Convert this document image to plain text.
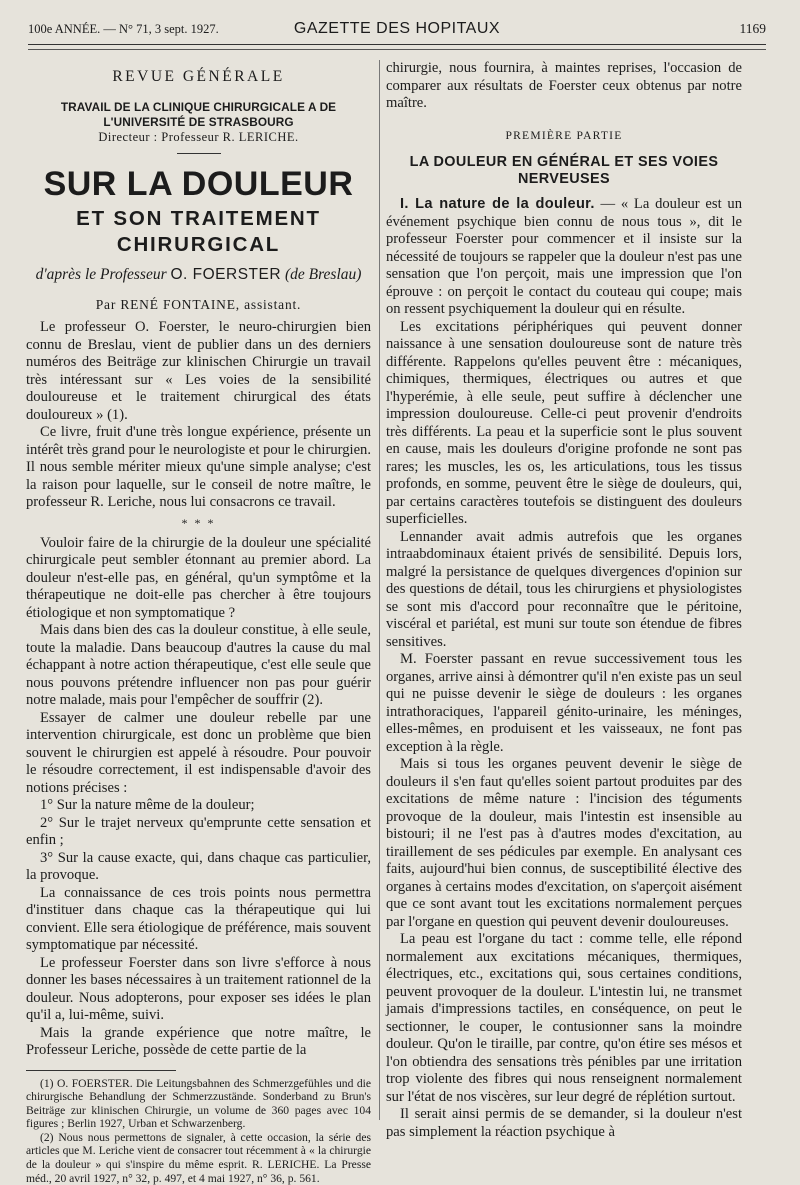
100e ANNÉE. — N° 71, 3 sept. 1927.	GAZETTE DES HOPITAUX	1169
REVUE GÉNÉRALE
TRAVAIL DE LA CLINIQUE CHIRURGICALE A DE L'UNIVERSITÉ DE STRASBOURG
Directeur : Professeur R. LERICHE.
SUR LA DOULEUR
ET SON TRAITEMENT CHIRURGICAL
d'après le Professeur O. FOERSTER (de Breslau)
Par RENÉ FONTAINE, assistant.

Le professeur O. Foerster, le neuro-chirurgien bien connu de Breslau, vient de publier dans un des derniers numéros des Beiträge zur klinischen Chirurgie un travail très intéressant sur « Les voies de la sensibilité douloureuse et le traitement chirurgical des états douloureux » (1).

Ce livre, fruit d'une très longue expérience, présente un intérêt très grand pour le neurologiste et pour le chirurgien. Il nous semble mériter mieux qu'une simple analyse; c'est la raison pour laquelle, sur le conseil de notre maître, le professeur R. Leriche, nous lui consacrons ce travail.

* * *

Vouloir faire de la chirurgie de la douleur une spécialité chirurgicale peut sembler étonnant au premier abord. La douleur n'est-elle pas, en général, qu'un symptôme et la thérapeutique ne doit-elle pas chercher à être toujours étiologique et non symptomatique ?

Mais dans bien des cas la douleur constitue, à elle seule, toute la maladie. Dans beaucoup d'autres la cause du mal échappant à notre action thérapeutique, c'est elle seule que nous pouvons prétendre influencer non pas pour guérir notre malade, mais pour l'empêcher de souffrir (2).

Essayer de calmer une douleur rebelle par une intervention chirurgicale, est donc un problème que bien souvent le chirurgien est appelé à résoudre. Pour pouvoir le résoudre correctement, il est indispensable d'avoir des notions précises :

1° Sur la nature même de la douleur;

2° Sur le trajet nerveux qu'emprunte cette sensation et enfin ;

3° Sur la cause exacte, qui, dans chaque cas particulier, la provoque.

La connaissance de ces trois points nous permettra d'instituer dans chaque cas la thérapeutique qui lui convient. Elle sera étiologique de préférence, mais souvent symptomatique par nécessité.

Le professeur Foerster dans son livre s'efforce à nous donner les bases nécessaires à un traitement rationnel de la douleur. Nous adopterons, pour exposer ses idées le plan qu'il a, lui-même, suivi.

Mais la grande expérience que notre maître, le Professeur Leriche, possède de cette partie de la

(1) O. FOERSTER. Die Leitungsbahnen des Schmerzgefühles und die chirurgische Behandlung der Schmerzzustände. Sonderband zu Brun's Beiträge zur klinischen Chirurgie, un volume de 360 pages avec 104 figures ; Berlin 1927, Urban et Schwarzenberg.

(2) Nous nous permettons de signaler, à cette occasion, la série des articles que M. Leriche vient de consacrer tout récemment à « la chirurgie de la douleur » qui s'inspire du même esprit. R. LERICHE. La Presse méd., 20 avril 1927, n° 32, p. 497, et 4 mai 1927, n° 36, p. 561.

chirurgie, nous fournira, à maintes reprises, l'occasion de comparer aux résultats de Foerster ceux obtenus par notre maître.

PREMIÈRE PARTIE
LA DOULEUR EN GÉNÉRAL ET SES VOIES NERVEUSES

I. La nature de la douleur. — « La douleur est un événement psychique bien connu de nous tous », dit le professeur Foerster pour commencer et il insiste sur la nécessité de toujours se rappeler que la douleur n'est pas une sensation que l'on perçoit, mais une impression que l'on éprouve : on perçoit le contact du couteau qui coupe; mais on ressent psychiquement la douleur qui en résulte.

Les excitations périphériques qui peuvent donner naissance à une sensation douloureuse sont de nature très différente. Rappelons qu'elles peuvent être : mécaniques, chimiques, thermiques, électriques ou autres et que l'hyperémie, à elle seule, peut suffire à déclencher une impression douloureuse. Celle-ci peut provenir d'endroits très différents. La peau et la superficie sont le plus souvent en cause, mais les douleurs d'origine profonde ne sont pas rares; les muscles, les os, les articulations, tous les tissus profonds, en somme, peuvent être le siège de douleurs, qui, par certains caractères toutefois se distinguent des douleurs superficielles.

Lennander avait admis autrefois que les organes intraabdominaux étaient privés de sensibilité. Depuis lors, malgré la persistance de quelques divergences d'opinion sur des questions de détail, tous les chirurgiens et physiologistes se sont mis d'accord pour reconnaître que le péritoine, viscéral et pariétal, est muni sur toute son étendue de fibres sensitives.

M. Foerster passant en revue successivement tous les organes, arrive ainsi à démontrer qu'il n'en existe pas un seul qui ne puisse devenir le siège de douleurs : les organes intrathoraciques, l'appareil génito-urinaire, les méninges, elles-mêmes, en produisent et les vaisseaux, ne font pas exception à la règle.

Mais si tous les organes peuvent devenir le siège de douleurs il s'en faut qu'elles soient partout produites par des excitations de même nature : l'incision des téguments provoque de la douleur, mais l'intestin est insensible au bistouri; il ne l'est pas à d'autres modes d'excitation, au tiraillement de ses pédicules par exemple. En analysant ces faits, aujourd'hui bien connus, de susceptibilité élective des organes à certains modes d'excitation, on s'aperçoit aisément que ce sont avant tout les excitations normalement perçues par l'organe en question qui peuvent devenir douloureuses.

La peau est l'organe du tact : comme telle, elle répond normalement aux excitations mécaniques, thermiques, électriques, etc., excitations qui, sous certaines conditions, peuvent provoquer de la douleur. L'intestin lui, ne transmet jamais d'impressions tactiles, en conséquence, on peut le sectionner, le couper, le contusionner sans la moindre douleur. Qu'on le tiraille, par contre, qu'on étire ses mésos et l'on obtiendra des sensations très pénibles par une irritation trop violente des fibres qui nous renseignent normalement sur l'état de nos viscères, sur leur degré de réplétion surtout.

Il serait ainsi permis de se demander, si la douleur n'est pas simplement la réaction psychique à
